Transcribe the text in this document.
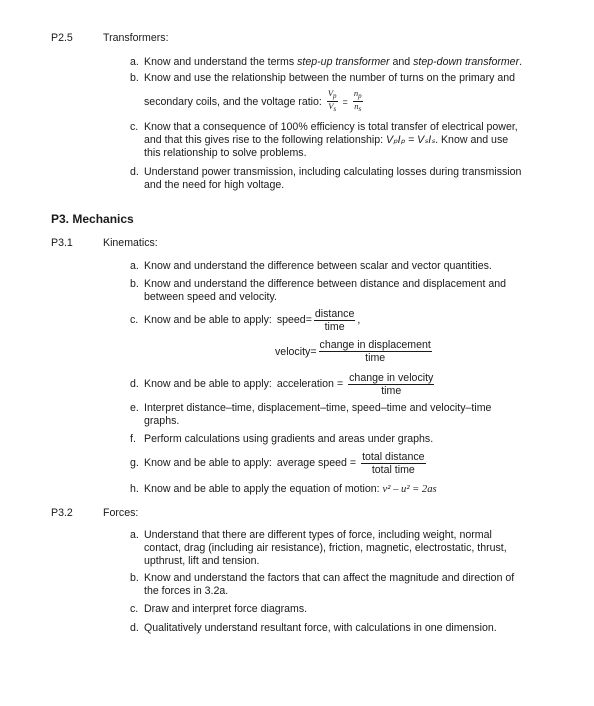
P2.5	Transformers:
a. Know and understand the terms step-up transformer and step-down transformer.
b. Know and use the relationship between the number of turns on the primary and
secondary coils, and the voltage ratio: $\frac{V_p}{V_s} = \frac{n_p}{n_s}$
c. Know that a consequence of 100% efficiency is total transfer of electrical power,
and that this gives rise to the following relationship: VₚIₚ = VₛIₛ. Know and use
this relationship to solve problems.
d. Understand power transmission, including calculating losses during transmission
and the need for high voltage.
P3. Mechanics
P3.1	Kinematics:
a. Know and understand the difference between scalar and vector quantities.
b. Know and understand the difference between distance and displacement and
between speed and velocity.
c. Know and be able to apply: speed = $\frac{\text{distance}}{\text{time}}$ ,
velocity = $\frac{\text{change in displacement}}{\text{time}}$
d. Know and be able to apply: acceleration = $\frac{\text{change in velocity}}{\text{time}}$
e. Interpret distance–time, displacement–time, speed–time and velocity–time
graphs.
f. Perform calculations using gradients and areas under graphs.
g. Know and be able to apply: average speed = $\frac{\text{total distance}}{\text{total time}}$
h. Know and be able to apply the equation of motion: v² – u² = 2as
P3.2	Forces:
a. Understand that there are different types of force, including weight, normal
contact, drag (including air resistance), friction, magnetic, electrostatic, thrust,
upthrust, lift and tension.
b. Know and understand the factors that can affect the magnitude and direction of
the forces in 3.2a.
c. Draw and interpret force diagrams.
d. Qualitatively understand resultant force, with calculations in one dimension.
